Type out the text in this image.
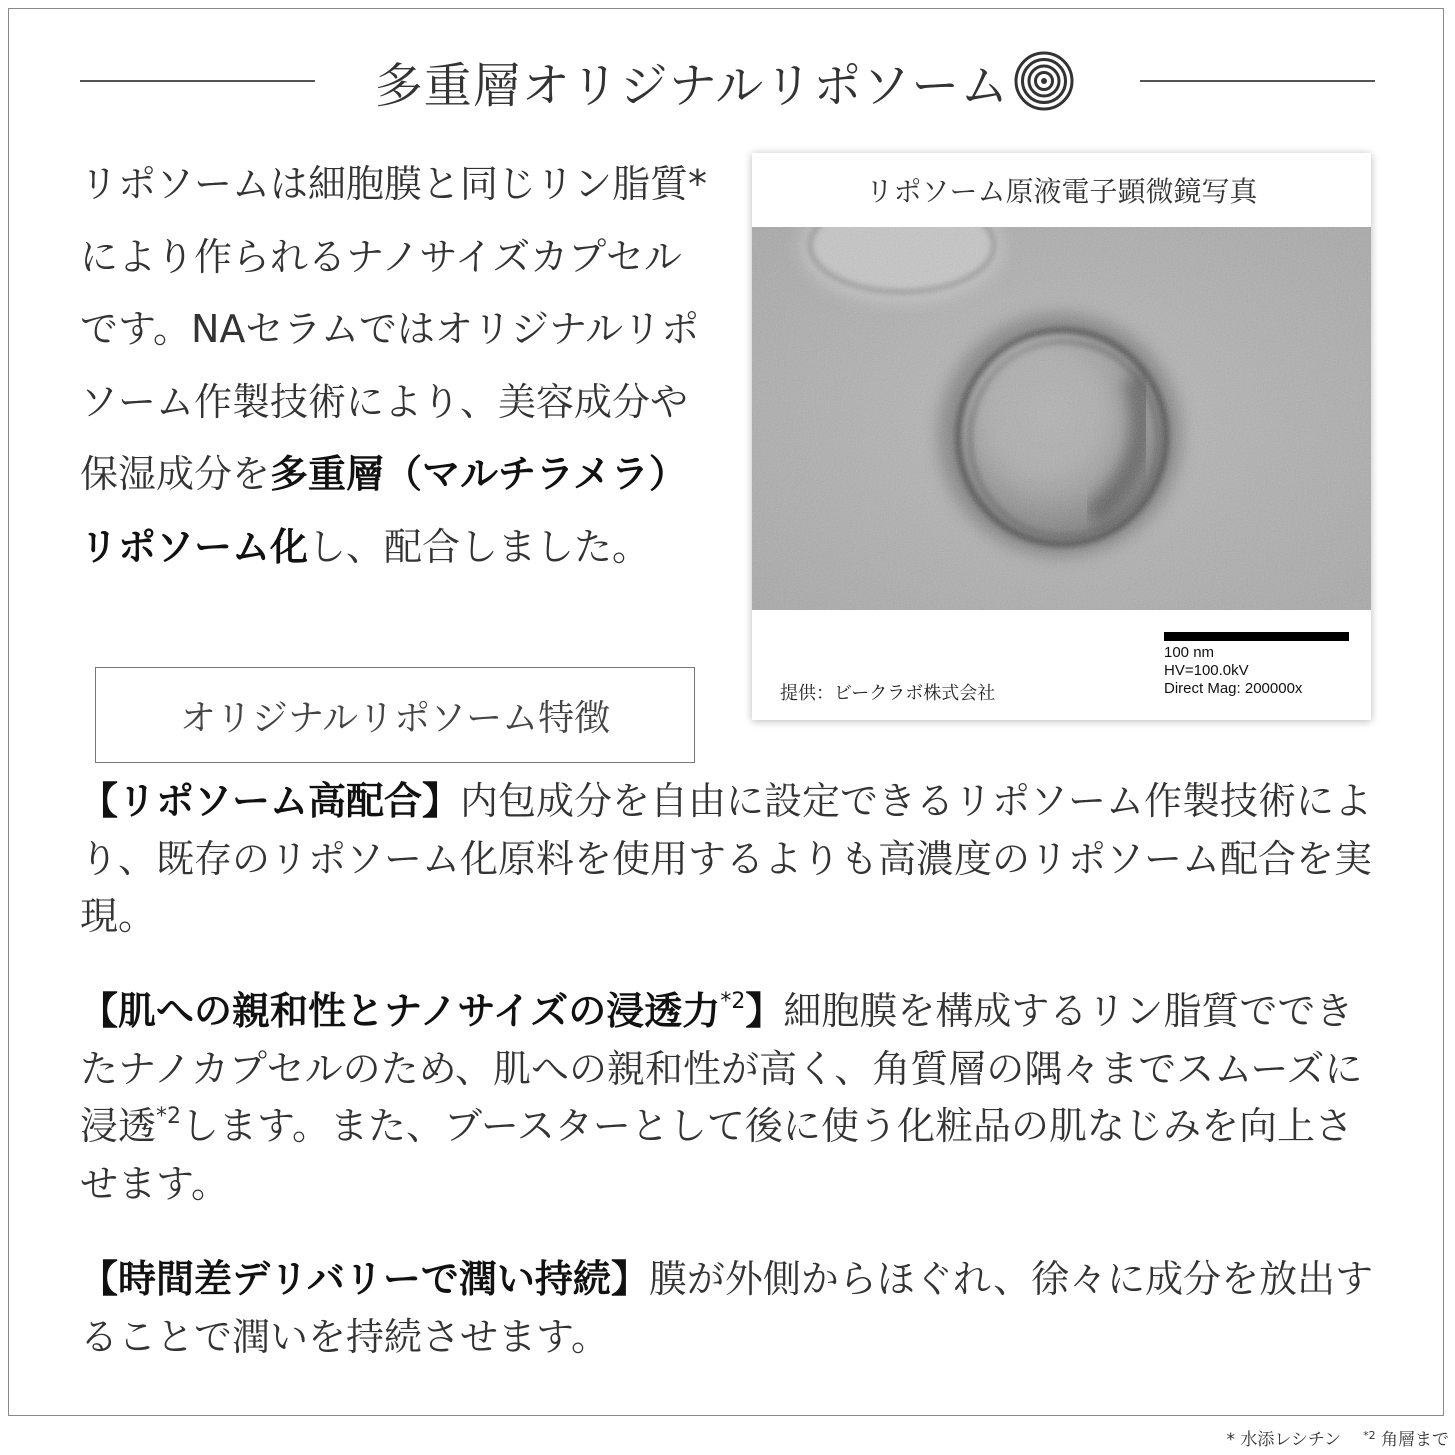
多重層オリジナルリポソーム
リポソームは細胞膜と同じリン脂質*により作られるナノサイズカプセルです。NAセラムではオリジナルリポソーム作製技術により、美容成分や保湿成分を多重層（マルチラメラ）リポソーム化し、配合しました。
オリジナルリポソーム特徴
リポソーム原液電子顕微鏡写真
提供：ビークラボ株式会社
100 nm
HV=100.0kV
Direct Mag: 200000x
【リポソーム高配合】内包成分を自由に設定できるリポソーム作製技術により、既存のリポソーム化原料を使用するよりも高濃度のリポソーム配合を実現。
【肌への親和性とナノサイズの浸透力$^{*2}$】細胞膜を構成するリン脂質でできたナノカプセルのため、肌への親和性が高く、角質層の隅々までスムーズに浸透$^{*2}$します。また、ブースターとして後に使う化粧品の肌なじみを向上させます。
【時間差デリバリーで潤い持続】膜が外側からほぐれ、徐々に成分を放出することで潤いを持続させます。
* 水添レシチン $^{*2}$ 角層まで
